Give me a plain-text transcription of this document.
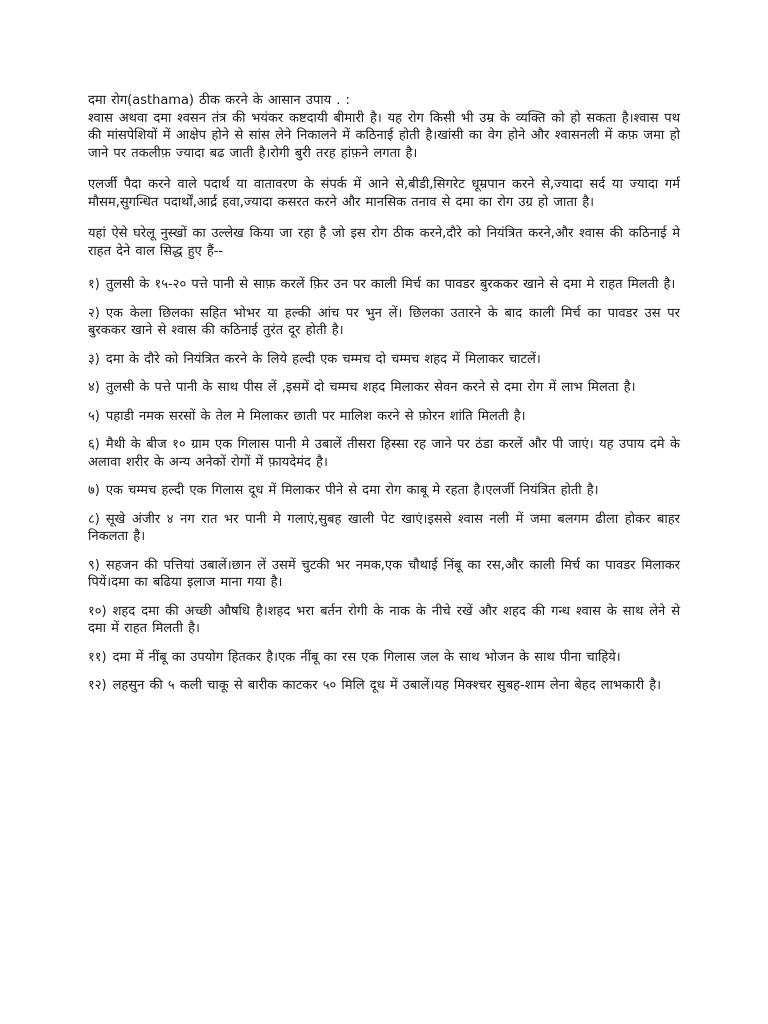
दमा रोग(asthama) ठीक करने के आसान उपाय . :

श्वास अथवा दमा श्वसन तंत्र की भयंकर कष्टदायी बीमारी है। यह रोग किसी भी उम्र के व्यक्ति को हो सकता है।श्वास पथ की मांसपेशियों में आक्षेप होने से सांस लेने निकालने में कठिनाई होती है।खांसी का वेग होने और श्वासनली में कफ़ जमा हो जाने पर तकलीफ़ ज्यादा बढ जाती है।रोगी बुरी तरह हांफ़ने लगता है।

एलर्जी पैदा करने वाले पदार्थ या वातावरण के संपर्क में आने से,बीडी,सिगरेट धूम्रपान करने से,ज्यादा सर्द या ज्यादा गर्म मौसम,सुगन्धित पदार्थों,आर्द्र हवा,ज्यादा कसरत करने और मानसिक तनाव से दमा का रोग उग्र हो जाता है।

यहां ऐसे घरेलू नुस्खों का उल्लेख किया जा रहा है जो इस रोग ठीक करने,दौरे को नियंत्रित करने,और श्वास की कठिनाई मे राहत देने वाल सिद्ध हुए हैं--

१) तुलसी के १५-२० पत्ते पानी से साफ़ करलें फ़िर उन पर काली मिर्च का पावडर बुरककर खाने से दमा मे राहत मिलती है।
२) एक केला छिलका सहित भोभर या हल्की आंच पर भुन लें। छिलका उतारने के बाद काली मिर्च का पावडर उस पर बुरककर खाने से श्वास की कठिनाई तुरंत दूर होती है।
३) दमा के दौरे को नियंत्रित करने के लिये हल्दी एक चम्मच दो चम्मच शहद में मिलाकर चाटलें।
४) तुलसी के पत्ते पानी के साथ पीस लें ,इसमें दो चम्मच शहद मिलाकर सेवन करने से दमा रोग में लाभ मिलता है।
५) पहाडी नमक सरसों के तेल मे मिलाकर छाती पर मालिश करने से फ़ोरन शांति मिलती है।
६) मैथी के बीज १० ग्राम एक गिलास पानी मे उबालें तीसरा हिस्सा रह जाने पर ठंडा करलें और पी जाएं। यह उपाय दमे के अलावा शरीर के अन्य अनेकों रोगों में फ़ायदेमंद है।
७) एक चम्मच हल्दी एक गिलास दूध में मिलाकर पीने से दमा रोग काबू मे रहता है।एलर्जी नियंत्रित होती है।
८) सूखे अंजीर ४ नग रात भर पानी मे गलाएं,सुबह खाली पेट खाएं।इससे श्वास नली में जमा बलगम ढीला होकर बाहर निकलता है।
९) सहजन की पत्तियां उबालें।छान लें उसमें चुटकी भर नमक,एक चौथाई निंबू का रस,और काली मिर्च का पावडर मिलाकर पियें।दमा का बढिया इलाज माना गया है।
१०) शहद दमा की अच्छी औषधि है।शहद भरा बर्तन रोगी के नाक के नीचे रखें और शहद की गन्ध श्वास के साथ लेने से दमा में राहत मिलती है।
११) दमा में नींबू का उपयोग हितकर है।एक नींबू का रस एक गिलास जल के साथ भोजन के साथ पीना चाहिये।
१२) लहसुन की ५ कली चाकू से बारीक काटकर ५० मिलि दूध में उबालें।यह मिक्श्चर सुबह-शाम लेना बेहद लाभकारी है।
